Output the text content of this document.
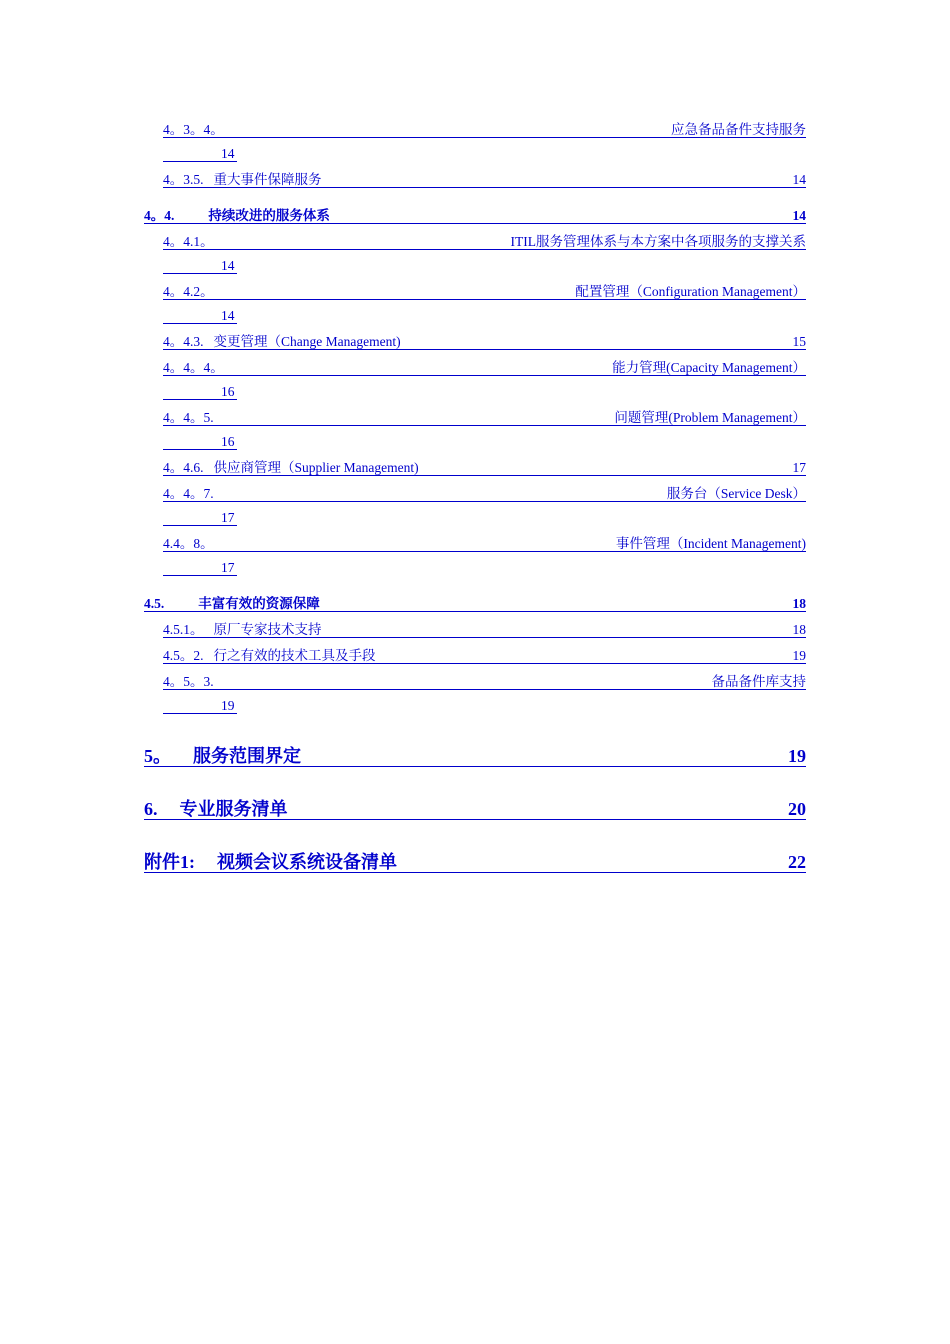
4。3。4。	应急备品备件支持服务
14
4。3.5. 重大事件保障服务	14
4。4.	持续改进的服务体系	14
4。4.1。	ITIL服务管理体系与本方案中各项服务的支撑关系
14
4。4.2。	配置管理（Configuration Management）
14
4。4.3. 变更管理（Change Management)	15
4。4。4。	能力管理(Capacity Management）
16
4。4。5.	问题管理(Problem Management）
16
4。4.6. 供应商管理（Supplier Management)	17
4。4。7.	服务台（Service Desk）
17
4.4。8。	事件管理（Incident Management)
17
4.5.	丰富有效的资源保障	18
4.5.1。 原厂专家技术支持	18
4.5。2. 行之有效的技术工具及手段	19
4。5。3.	备品备件库支持
19
5。 服务范围界定	19
6. 专业服务清单	20
附件1: 视频会议系统设备清单	22
